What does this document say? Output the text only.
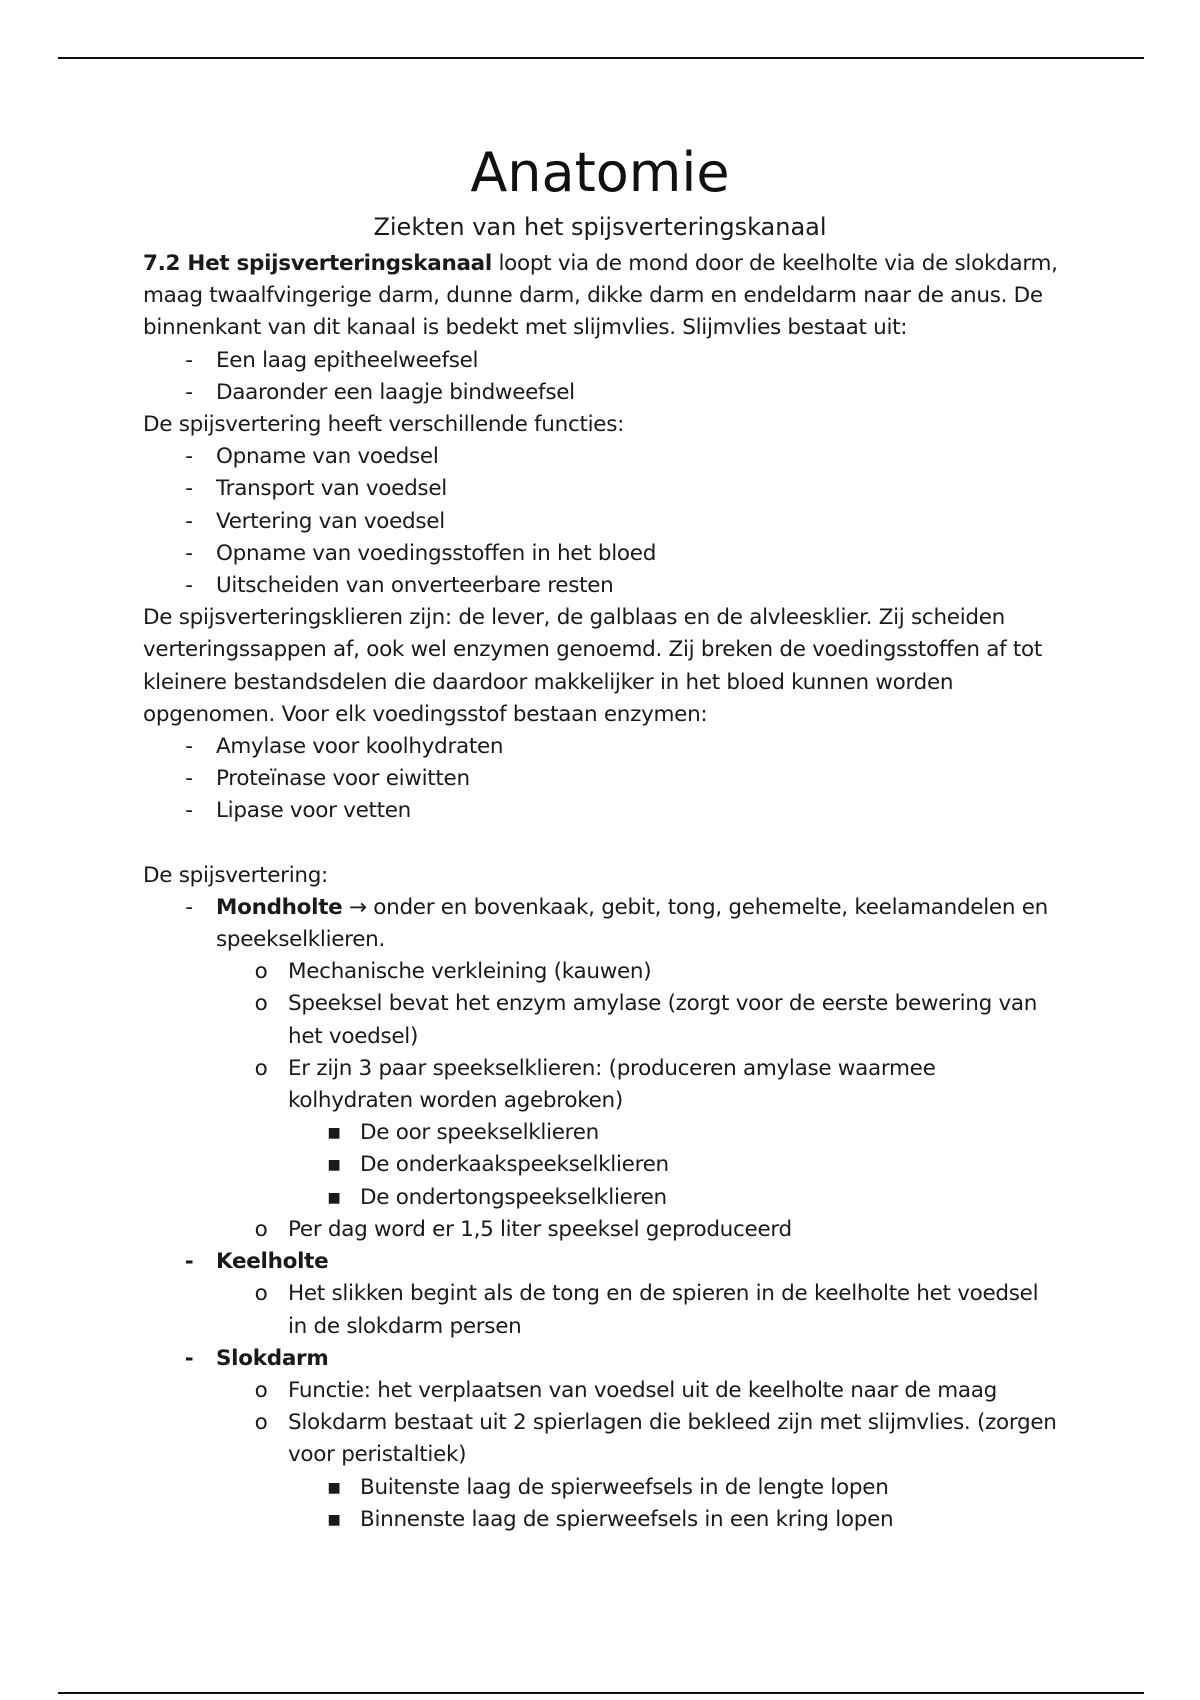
Anatomie
Ziekten van het spijsverteringskanaal

7.2 Het spijsverteringskanaal loopt via de mond door de keelholte via de slokdarm, maag twaalfvingerige darm, dunne darm, dikke darm en endeldarm naar de anus. De binnenkant van dit kanaal is bedekt met slijmvlies. Slijmvlies bestaat uit:

- Een laag epitheelweefsel
- Daaronder een laagje bindweefsel

De spijsvertering heeft verschillende functies:

- Opname van voedsel
- Transport van voedsel
- Vertering van voedsel
- Opname van voedingsstoffen in het bloed
- Uitscheiden van onverteerbare resten

De spijsverteringsklieren zijn: de lever, de galblaas en de alvleesklier. Zij scheiden verteringssappen af, ook wel enzymen genoemd. Zij breken de voedingsstoffen af tot kleinere bestandsdelen die daardoor makkelijker in het bloed kunnen worden opgenomen. Voor elk voedingsstof bestaan enzymen:

- Amylase voor koolhydraten
- Proteïnase voor eiwitten
- Lipase voor vetten

De spijsvertering:

- Mondholte → onder en bovenkaak, gebit, tong, gehemelte, keelamandelen en speekselklieren.
o Mechanische verkleining (kauwen)
o Speeksel bevat het enzym amylase (zorgt voor de eerste bewering van het voedsel)
o Er zijn 3 paar speekselklieren: (produceren amylase waarmee kolhydraten worden agebroken)
■ De oor speekselklieren
■ De onderkaakspeekselklieren
■ De ondertongspeekselklieren
o Per dag word er 1,5 liter speeksel geproduceerd
- Keelholte
o Het slikken begint als de tong en de spieren in de keelholte het voedsel in de slokdarm persen
- Slokdarm
o Functie: het verplaatsen van voedsel uit de keelholte naar de maag
o Slokdarm bestaat uit 2 spierlagen die bekleed zijn met slijmvlies. (zorgen voor peristaltiek)
■ Buitenste laag de spierweefsels in de lengte lopen
■ Binnenste laag de spierweefsels in een kring lopen
